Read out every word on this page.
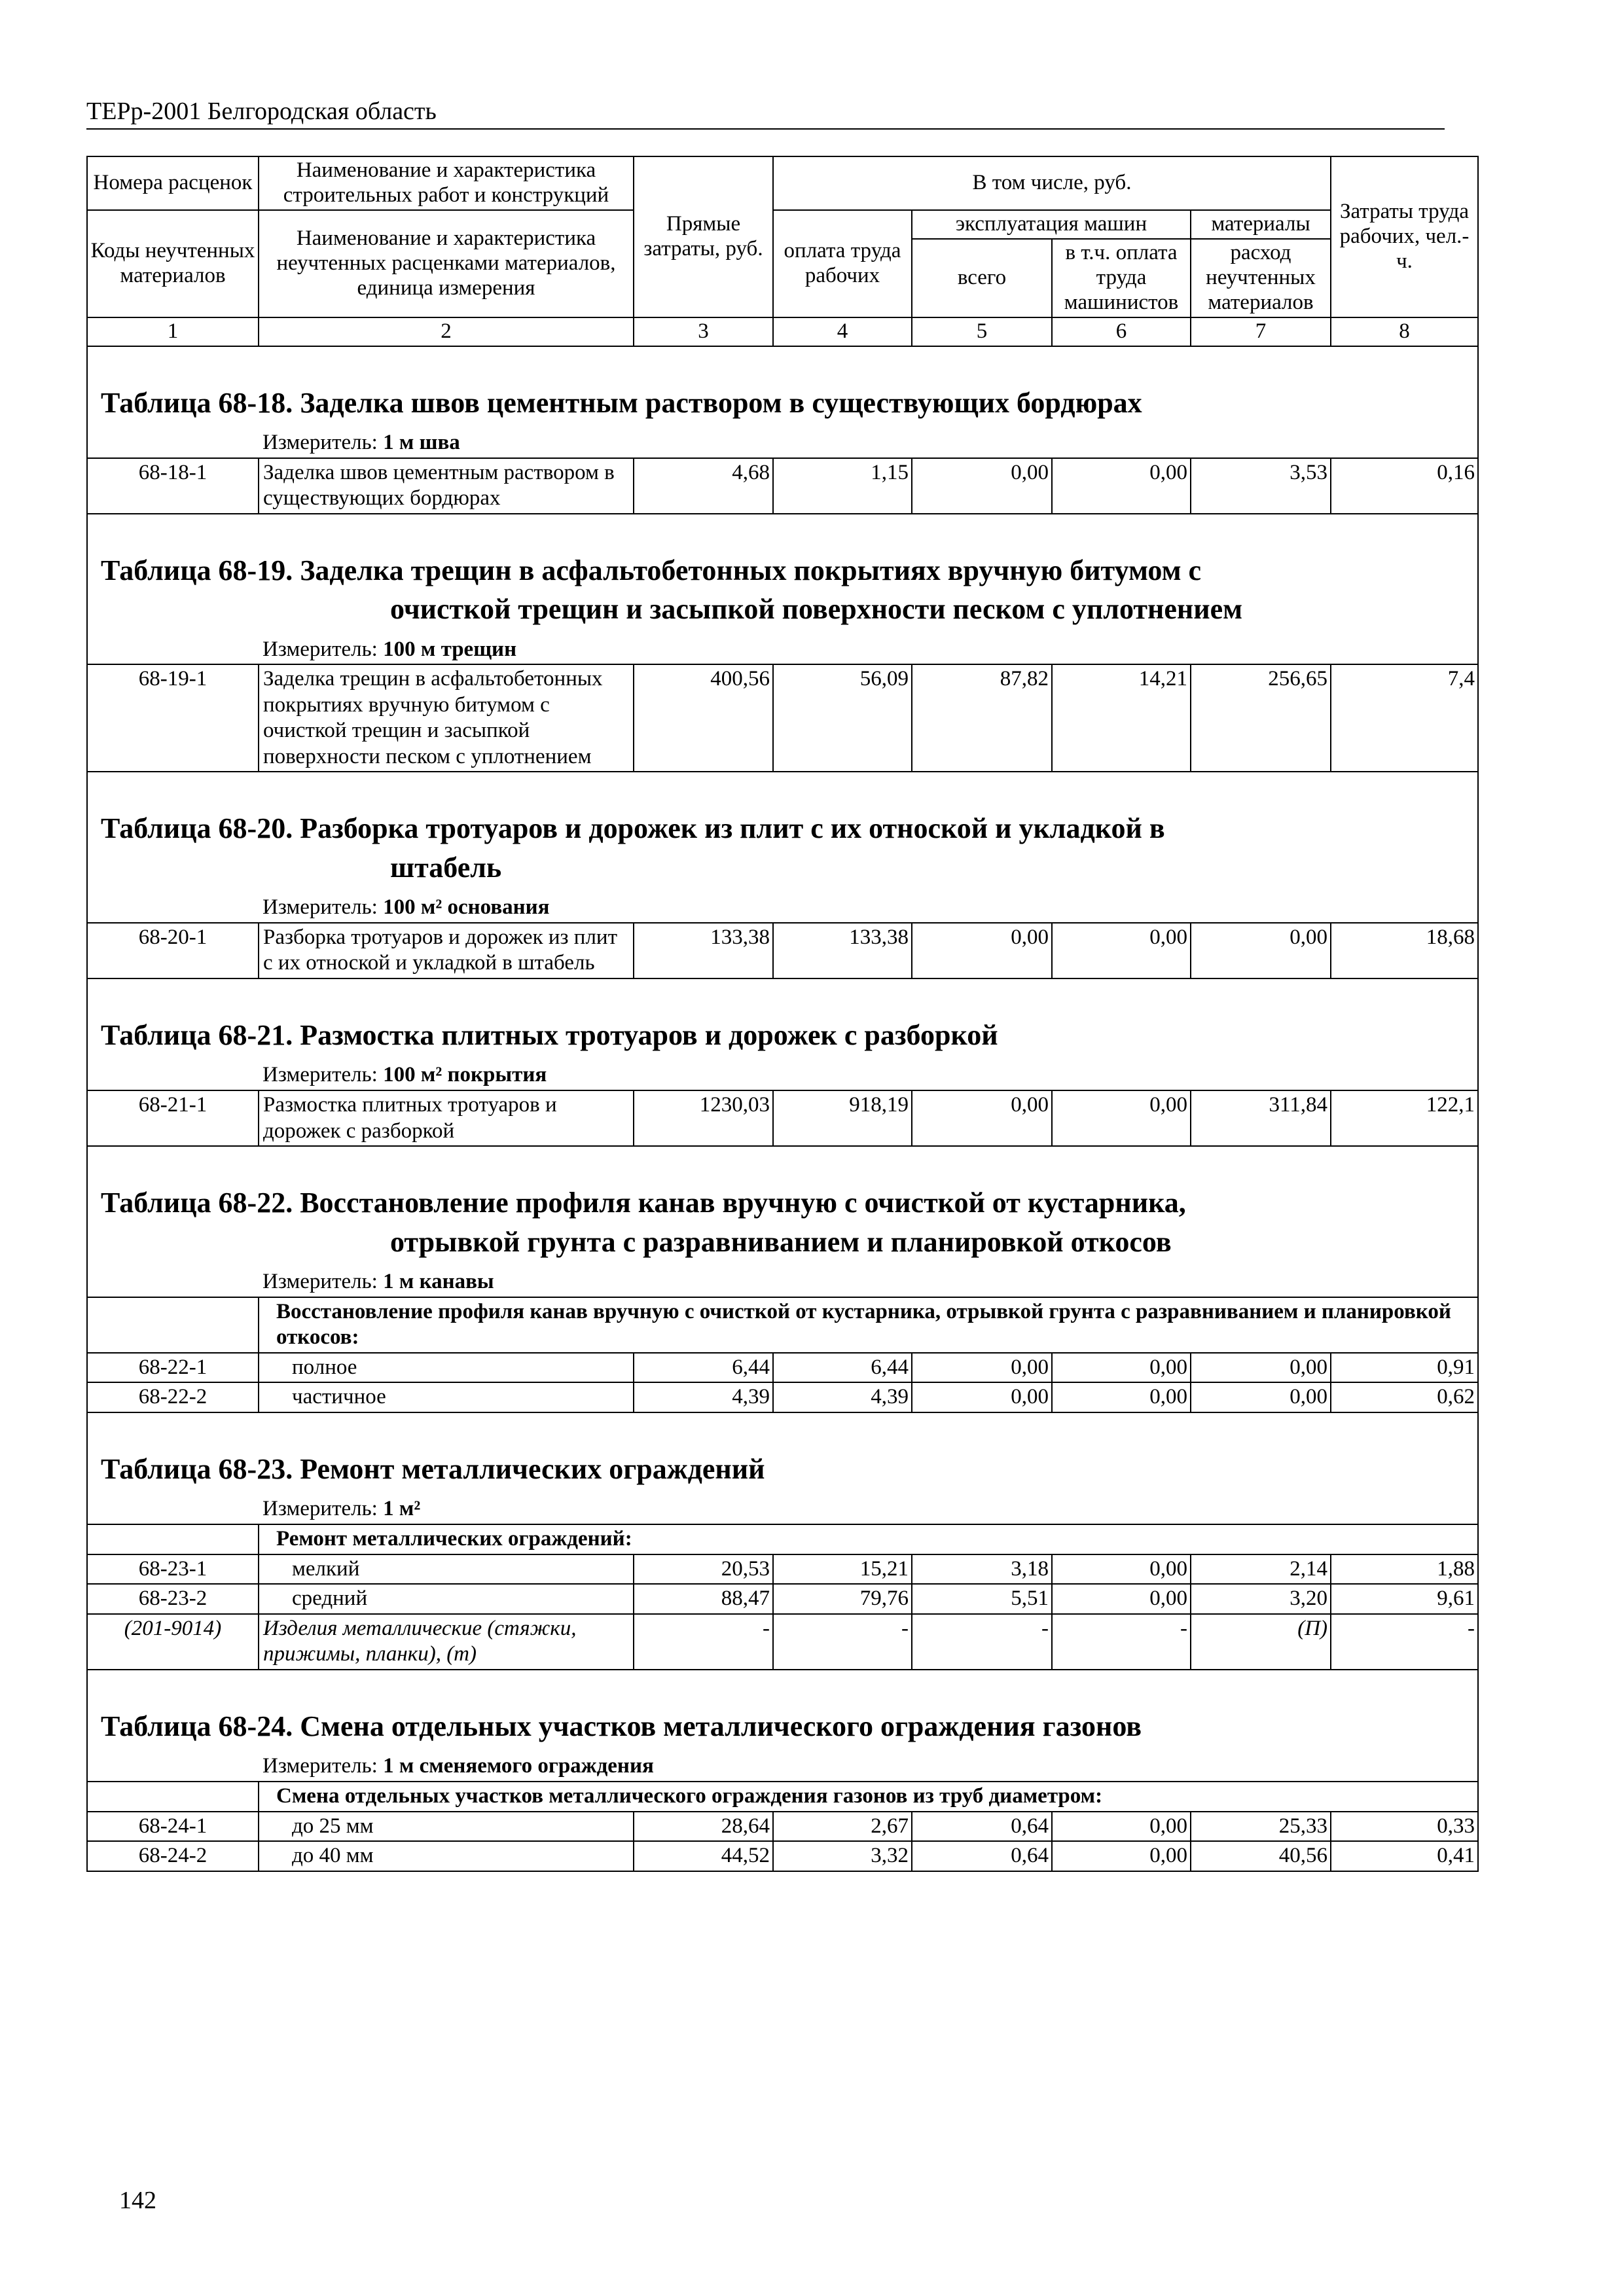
ТЕРр-2001 Белгородская область
Номера расценок	Наименование и характеристика строительных работ и конструкций	Прямые затраты, руб.	В том числе, руб.				Затраты труда рабочих, чел.-ч.
Коды неучтенных материалов	Наименование и характеристика неучтенных расценками материалов, единица измерения		оплата труда рабочих	эксплуатация машин		материалы	
				всего	в т.ч. оплата труда машинистов	расход неучтенных материалов	
1	2	3	4	5	6	7	8
Таблица 68-18. Заделка швов цементным раствором в существующих бордюрах							
	Измеритель: 1 м шва						
68-18-1	Заделка швов цементным раствором в существующих бордюрах	4,68	1,15	0,00	0,00	3,53	0,16
Таблица 68-19. Заделка трещин в асфальтобетонных покрытиях вручную битумом с
очисткой трещин и засыпкой поверхности песком с уплотнением							

	Измеритель: 100 м трещин						
68-19-1	Заделка трещин в асфальтобетонных покрытиях вручную битумом с очисткой трещин и засыпкой поверхности песком с уплотнением	400,56	56,09	87,82	14,21	256,65	7,4
Таблица 68-20. Разборка тротуаров и дорожек из плит с их отноской и укладкой в
штабель							

	Измеритель: 100 м² основания						
68-20-1	Разборка тротуаров и дорожек из плит с их отноской и укладкой в штабель	133,38	133,38	0,00	0,00	0,00	18,68
Таблица 68-21. Размостка плитных тротуаров и дорожек с разборкой							
	Измеритель: 100 м² покрытия						
68-21-1	Размостка плитных тротуаров и дорожек с разборкой	1230,03	918,19	0,00	0,00	311,84	122,1
Таблица 68-22. Восстановление профиля канав вручную с очисткой от кустарника,
отрывкой грунта с разравниванием и планировкой откосов							

	Измеритель: 1 м канавы						
	Восстановление профиля канав вручную с очисткой от кустарника, отрывкой грунта с разравниванием и планировкой откосов:						
68-22-1	полное	6,44	6,44	0,00	0,00	0,00	0,91
68-22-2	частичное	4,39	4,39	0,00	0,00	0,00	0,62
Таблица 68-23. Ремонт металлических ограждений							
	Измеритель: 1 м²						
	Ремонт металлических ограждений:						
68-23-1	мелкий	20,53	15,21	3,18	0,00	2,14	1,88
68-23-2	средний	88,47	79,76	5,51	0,00	3,20	9,61
(201-9014)	Изделия металлические (стяжки, прижимы, планки), (т)	-	-	-	-	(П)	-
Таблица 68-24. Смена отдельных участков металлического ограждения газонов							
	Измеритель: 1 м сменяемого ограждения						
	Смена отдельных участков металлического ограждения газонов из труб диаметром:						
68-24-1	до 25 мм	28,64	2,67	0,64	0,00	25,33	0,33
68-24-2	до 40 мм	44,52	3,32	0,64	0,00	40,56	0,41
142
